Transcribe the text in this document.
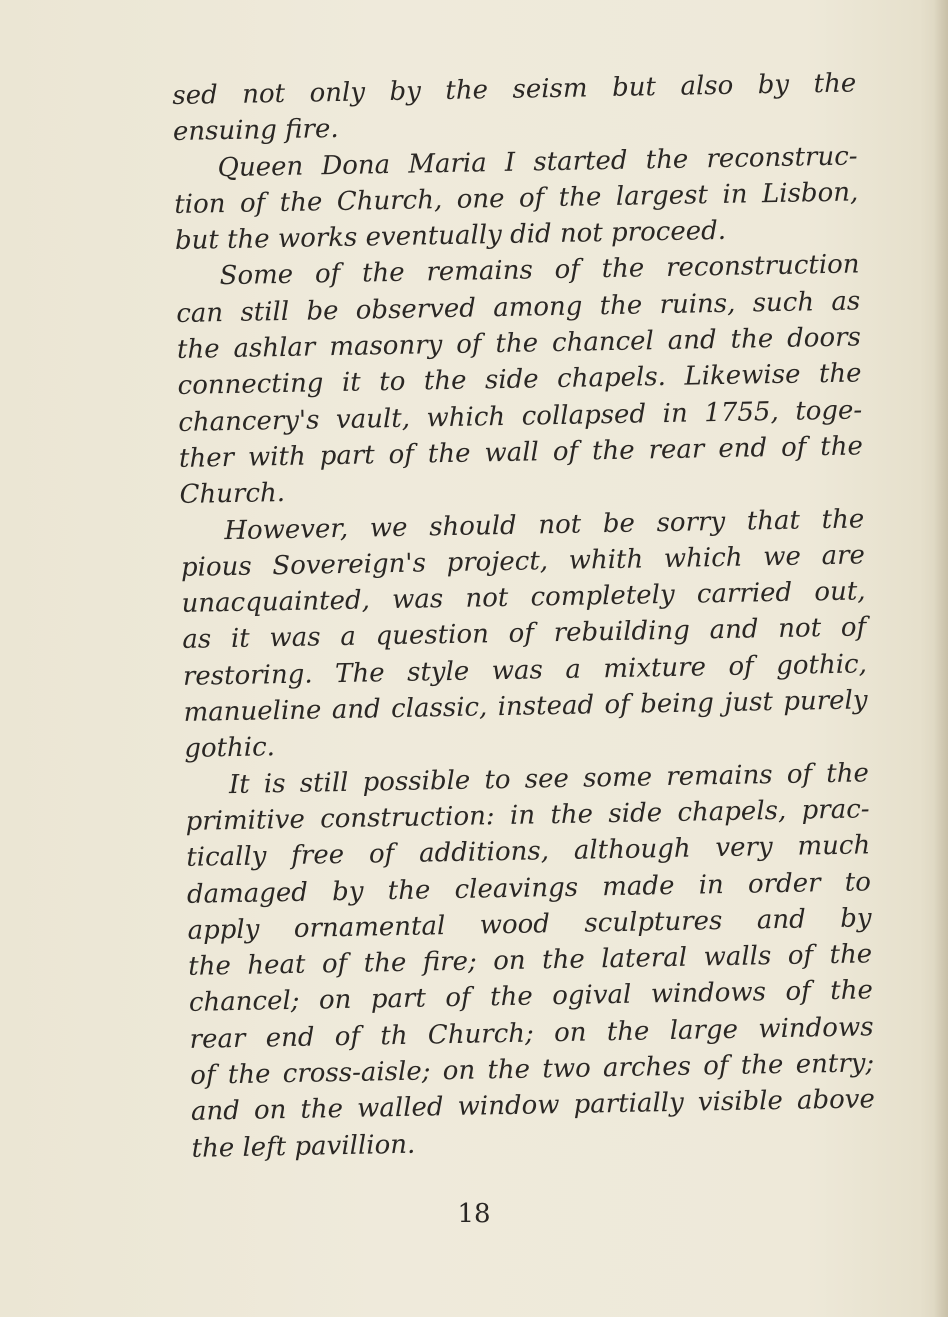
sed not only by the seism but also by the
ensuing fire.
Queen Dona Maria I started the reconstruc-
tion of the Church, one of the largest in Lisbon,
but the works eventually did not proceed.
Some of the remains of the reconstruction
can still be observed among the ruins, such as
the ashlar masonry of the chancel and the doors
connecting it to the side chapels. Likewise the
chancery's vault, which collapsed in 1755, toge-
ther with part of the wall of the rear end of the
Church.
However, we should not be sorry that the
pious Sovereign's project, whith which we are
unacquainted, was not completely carried out,
as it was a question of rebuilding and not of
restoring. The style was a mixture of gothic,
manueline and classic, instead of being just purely
gothic.
It is still possible to see some remains of the
primitive construction: in the side chapels, prac-
tically free of additions, although very much
damaged by the cleavings made in order to
apply ornamental wood sculptures and by
the heat of the fire; on the lateral walls of the
chancel; on part of the ogival windows of the
rear end of th Church; on the large windows
of the cross-aisle; on the two arches of the entry;
and on the walled window partially visible above
the left pavillion.
18
